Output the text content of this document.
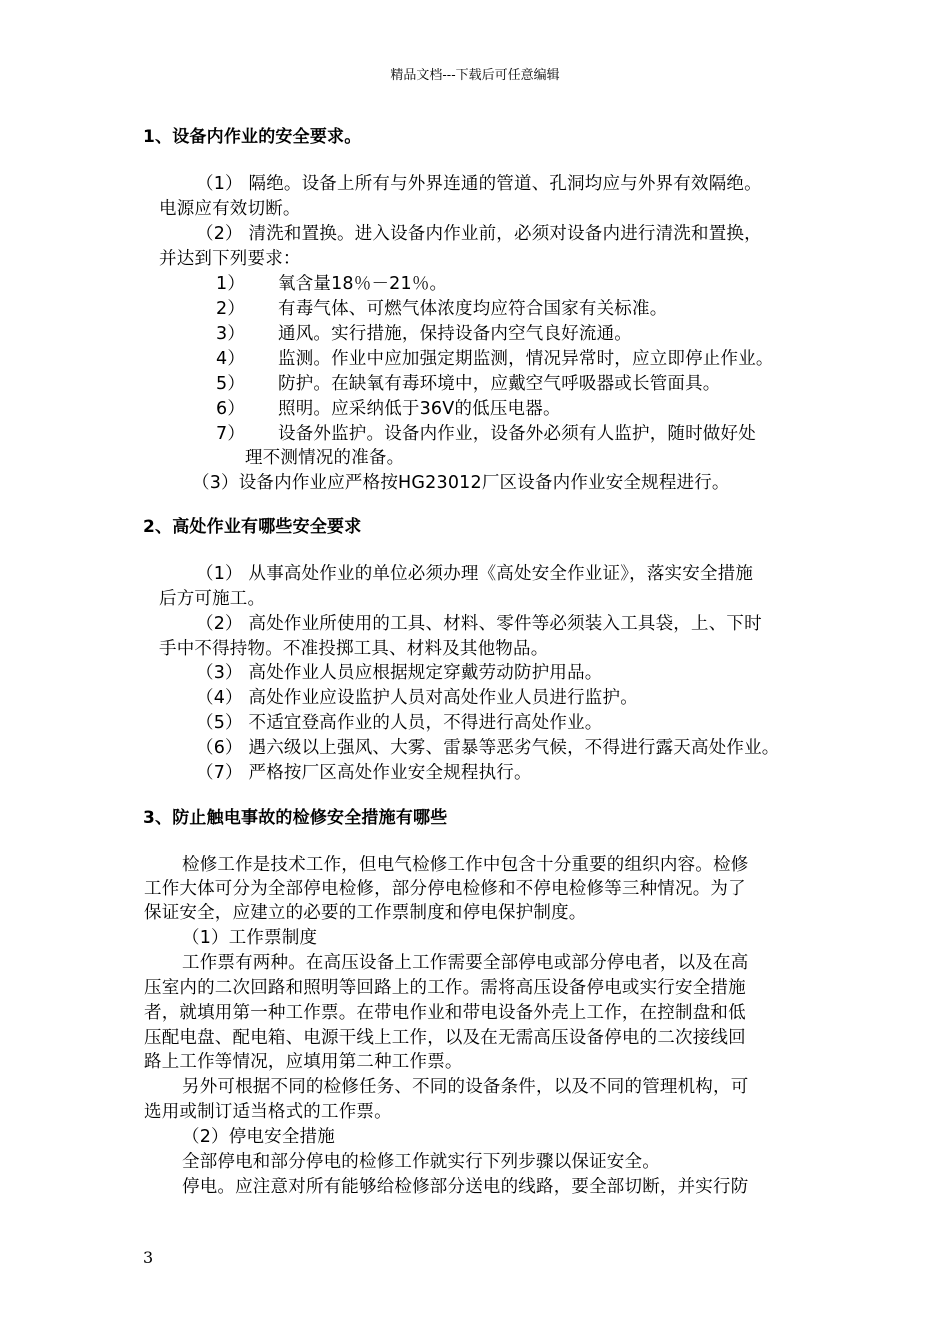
精品文档---下载后可任意编辑
1、设备内作业的安全要求。
（1） 隔绝。设备上所有与外界连通的管道、孔洞均应与外界有效隔绝。
电源应有效切断。
（2） 清洗和置换。进入设备内作业前，必须对设备内进行清洗和置换，
并达到下列要求：
1） 氧含量18％－21％。
2） 有毒气体、可燃气体浓度均应符合国家有关标准。
3） 通风。实行措施，保持设备内空气良好流通。
4） 监测。作业中应加强定期监测，情况异常时，应立即停止作业。
5） 防护。在缺氧有毒环境中，应戴空气呼吸器或长管面具。
6） 照明。应采纳低于36V的低压电器。
7） 设备外监护。设备内作业，设备外必须有人监护，随时做好处
理不测情况的准备。
（3）设备内作业应严格按HG23012厂区设备内作业安全规程进行。
2、高处作业有哪些安全要求
（1） 从事高处作业的单位必须办理《高处安全作业证》，落实安全措施
后方可施工。
（2） 高处作业所使用的工具、材料、零件等必须装入工具袋，上、下时
手中不得持物。不准投掷工具、材料及其他物品。
（3） 高处作业人员应根据规定穿戴劳动防护用品。
（4） 高处作业应设监护人员对高处作业人员进行监护。
（5） 不适宜登高作业的人员，不得进行高处作业。
（6） 遇六级以上强风、大雾、雷暴等恶劣气候，不得进行露天高处作业。
（7） 严格按厂区高处作业安全规程执行。
3、防止触电事故的检修安全措施有哪些
检修工作是技术工作，但电气检修工作中包含十分重要的组织内容。检修
工作大体可分为全部停电检修，部分停电检修和不停电检修等三种情况。为了
保证安全，应建立的必要的工作票制度和停电保护制度。
（1）工作票制度
工作票有两种。在高压设备上工作需要全部停电或部分停电者，以及在高
压室内的二次回路和照明等回路上的工作。需将高压设备停电或实行安全措施
者，就填用第一种工作票。在带电作业和带电设备外壳上工作，在控制盘和低
压配电盘、配电箱、电源干线上工作，以及在无需高压设备停电的二次接线回
路上工作等情况，应填用第二种工作票。
另外可根据不同的检修任务、不同的设备条件，以及不同的管理机构，可
选用或制订适当格式的工作票。
（2）停电安全措施
全部停电和部分停电的检修工作就实行下列步骤以保证安全。
停电。应注意对所有能够给检修部分送电的线路，要全部切断，并实行防
3
